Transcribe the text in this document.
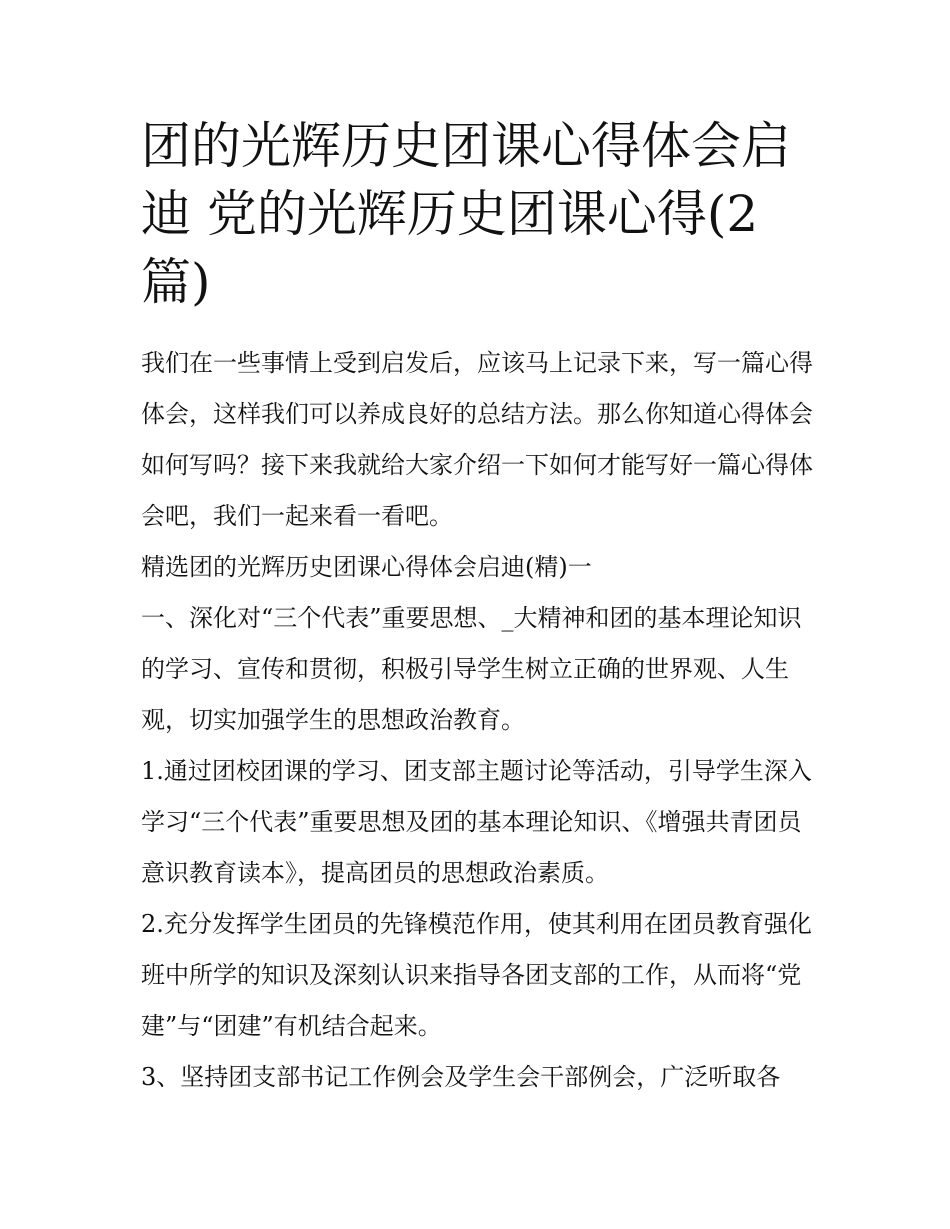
团的光辉历史团课心得体会启迪 党的光辉历史团课心得(2篇)

我们在一些事情上受到启发后，应该马上记录下来，写一篇心得体会，这样我们可以养成良好的总结方法。那么你知道心得体会如何写吗？接下来我就给大家介绍一下如何才能写好一篇心得体会吧，我们一起来看一看吧。

精选团的光辉历史团课心得体会启迪(精)一

一、深化对“三个代表”重要思想、_大精神和团的基本理论知识的学习、宣传和贯彻，积极引导学生树立正确的世界观、人生观，切实加强学生的思想政治教育。

1.通过团校团课的学习、团支部主题讨论等活动，引导学生深入学习“三个代表”重要思想及团的基本理论知识、《增强共青团员意识教育读本》，提高团员的思想政治素质。

2.充分发挥学生团员的先锋模范作用，使其利用在团员教育强化班中所学的知识及深刻认识来指导各团支部的工作，从而将“党建”与“团建”有机结合起来。

3、坚持团支部书记工作例会及学生会干部例会，广泛听取各
